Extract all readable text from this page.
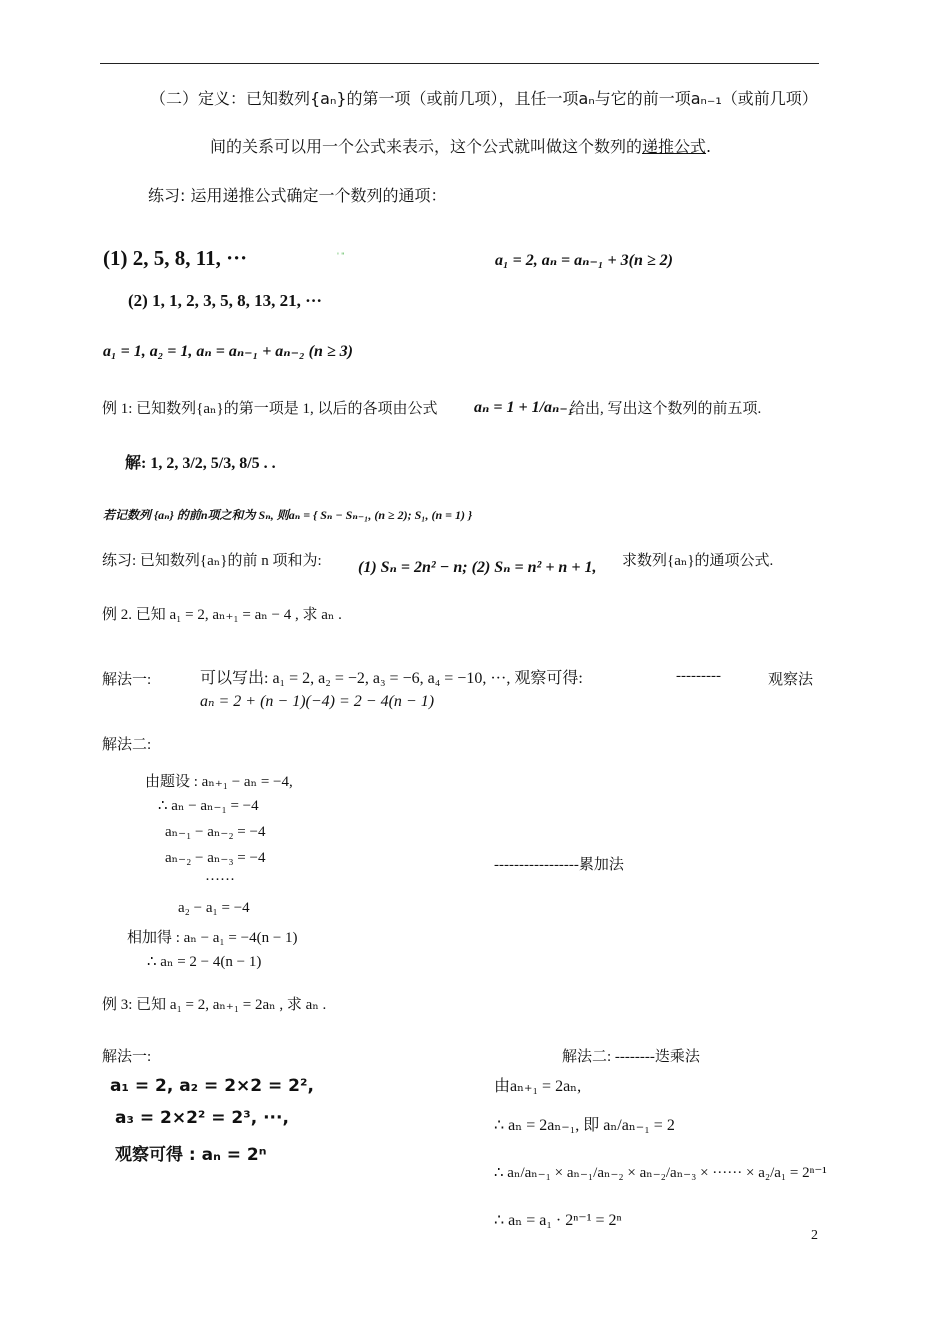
（二）定义：已知数列{aₙ}的第一项（或前几项），且任一项aₙ与它的前一项aₙ₋₁（或前几项）
间的关系可以用一个公式来表示，这个公式就叫做这个数列的递推公式.
练习: 运用递推公式确定一个数列的通项：
(1) 2, 5, 8, 11, ···	' "	a₁ = 2, aₙ = aₙ₋₁ + 3(n ≥ 2)
(2) 1, 1, 2, 3, 5, 8, 13, 21, ···
a₁ = 1, a₂ = 1, aₙ = aₙ₋₁ + aₙ₋₂ (n ≥ 3)
例 1: 已知数列{aₙ}的第一项是 1, 以后的各项由公式 aₙ = 1 + 1/aₙ₋₁
给出, 写出这个数列的前五项.
解: 1, 2, 3/2, 5/3, 8/5 . .
若记数列 {aₙ} 的前n项之和为 Sₙ, 则aₙ = { Sₙ − Sₙ₋₁, (n ≥ 2); S₁, (n = 1) }
练习: 已知数列{aₙ}的前 n 项和为: (1) Sₙ = 2n² − n; (2) Sₙ = n² + n + 1, 求数列{aₙ}的通项公式.
例 2. 已知 a₁ = 2, aₙ₊₁ = aₙ − 4 , 求 aₙ .
解法一:	可以写出: a₁ = 2, a₂ = −2, a₃ = −6, a₄ = −10, ···, 观察可得:	---------	观察法
aₙ = 2 + (n − 1)(−4) = 2 − 4(n − 1)
解法二:
由题设 : aₙ₊₁ − aₙ = −4,
∴ aₙ − aₙ₋₁ = −4
aₙ₋₁ − aₙ₋₂ = −4
aₙ₋₂ − aₙ₋₃ = −4
······
a₂ − a₁ = −4
相加得 : aₙ − a₁ = −4(n − 1)
∴ aₙ = 2 − 4(n − 1)
-----------------累加法
例 3: 已知 a₁ = 2, aₙ₊₁ = 2aₙ , 求 aₙ .
解法一:
a₁ = 2, a₂ = 2×2 = 2²,
a₃ = 2×2² = 2³, ···,
观察可得 : aₙ = 2ⁿ
解法二: --------迭乘法
由aₙ₊₁ = 2aₙ,
∴ aₙ = 2aₙ₋₁, 即 aₙ/aₙ₋₁ = 2
∴ aₙ/aₙ₋₁ × aₙ₋₁/aₙ₋₂ × aₙ₋₂/aₙ₋₃ × ······ × a₂/a₁ = 2ⁿ⁻¹
∴ aₙ = a₁ · 2ⁿ⁻¹ = 2ⁿ
2
